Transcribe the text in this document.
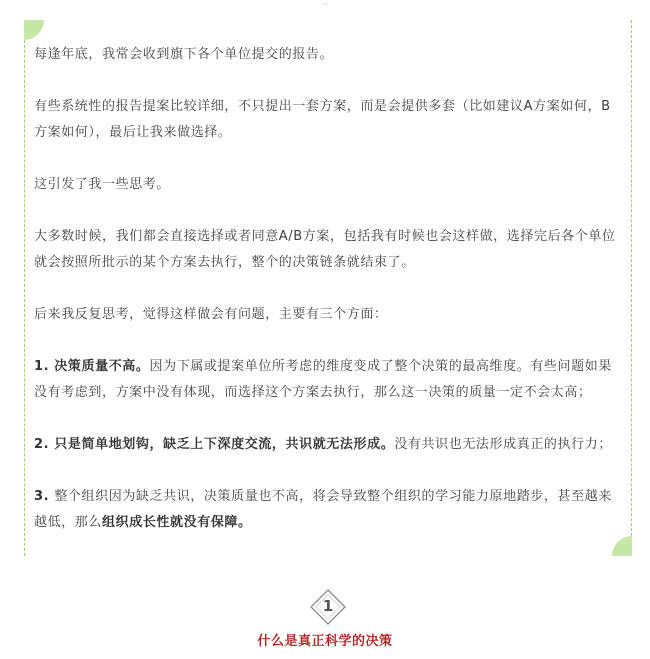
每逢年底，我常会收到旗下各个单位提交的报告。

有些系统性的报告提案比较详细，不只提出一套方案，而是会提供多套（比如建议A方案如何，B方案如何），最后让我来做选择。

这引发了我一些思考。

大多数时候，我们都会直接选择或者同意A/B方案，包括我有时候也会这样做，选择完后各个单位就会按照所批示的某个方案去执行，整个的决策链条就结束了。

后来我反复思考，觉得这样做会有问题，主要有三个方面：

1. 决策质量不高。因为下属或提案单位所考虑的维度变成了整个决策的最高维度。有些问题如果没有考虑到，方案中没有体现，而选择这个方案去执行，那么这一决策的质量一定不会太高；

2. 只是简单地划钩，缺乏上下深度交流，共识就无法形成。没有共识也无法形成真正的执行力；

3. 整个组织因为缺乏共识，决策质量也不高，将会导致整个组织的学习能力原地踏步，甚至越来越低，那么组织成长性就没有保障。

1
什么是真正科学的决策
